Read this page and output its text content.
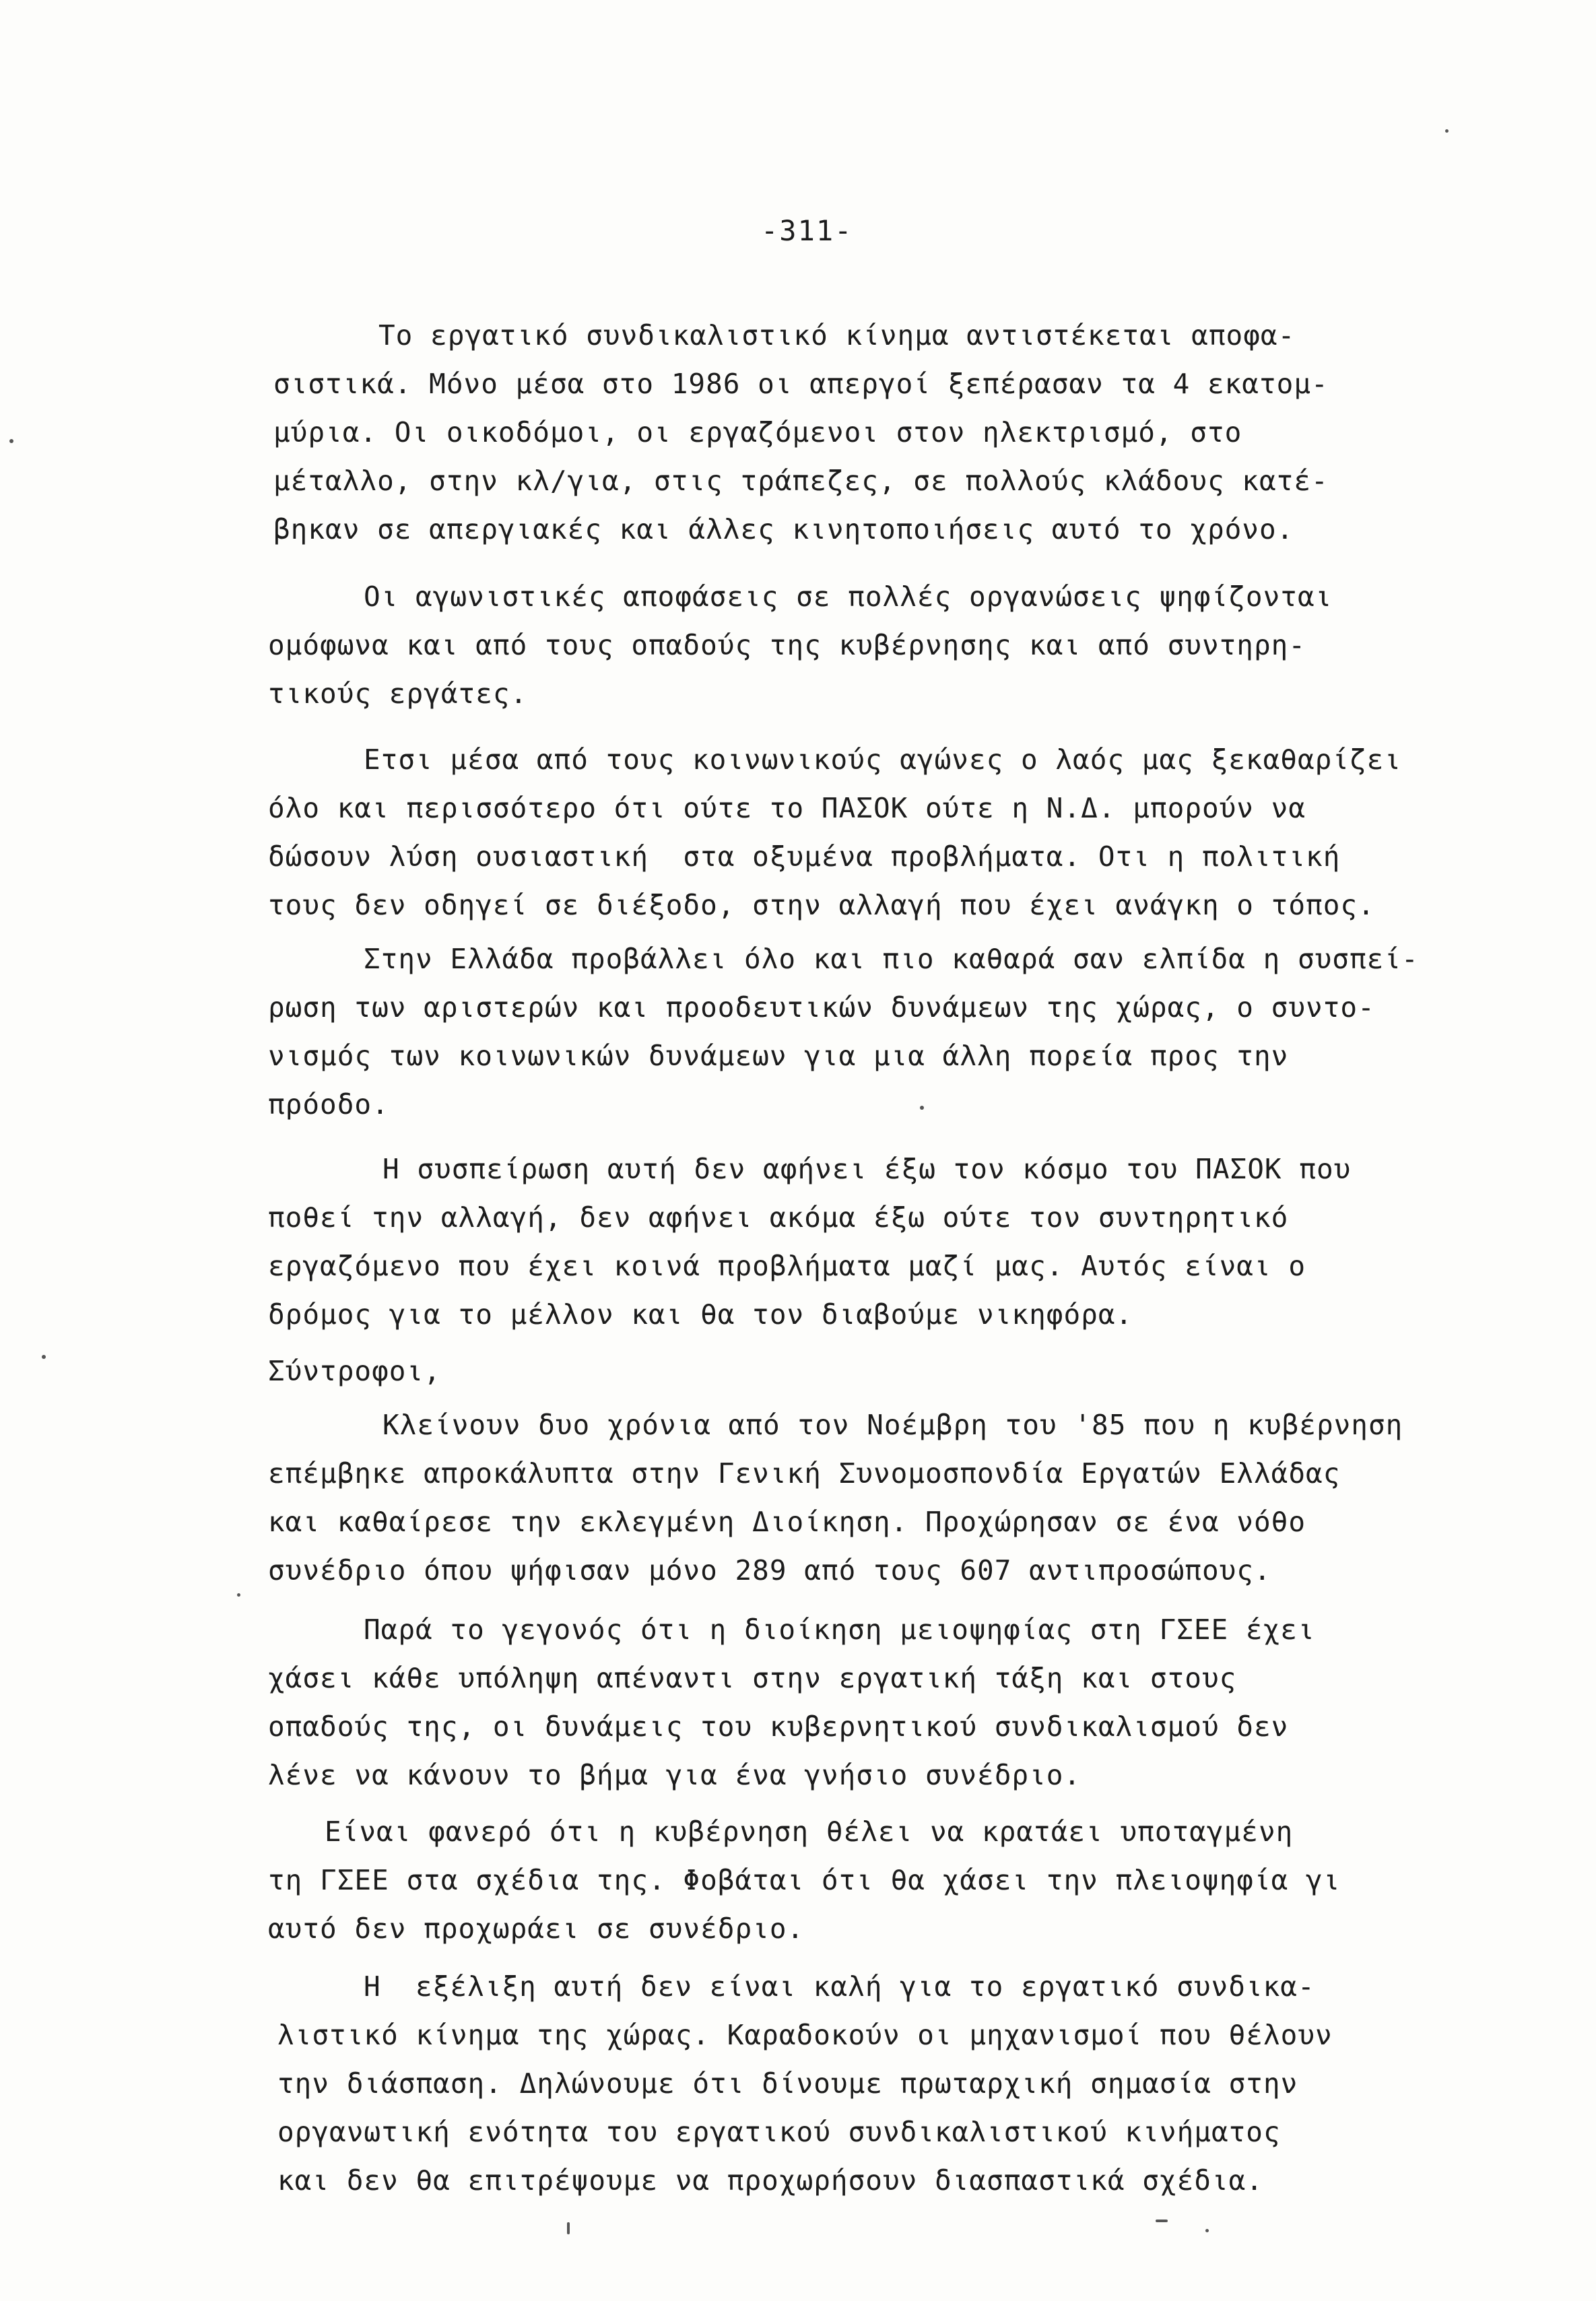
-311-
Το εργατικό συνδικαλιστικό κίνημα αντιστέκεται αποφα-
σιστικά. Μόνο μέσα στο 1986 οι απεργοί ξεπέρασαν τα 4 εκατομ-
μύρια. Οι οικοδόμοι, οι εργαζόμενοι στον ηλεκτρισμό, στο
μέταλλο, στην κλ/για, στις τράπεζες, σε πολλούς κλάδους κατέ-
βηκαν σε απεργιακές και άλλες κινητοποιήσεις αυτό το χρόνο.
Οι αγωνιστικές αποφάσεις σε πολλές οργανώσεις ψηφίζονται
ομόφωνα και από τους οπαδούς της κυβέρνησης και από συντηρη-
τικούς εργάτες.
Ετσι μέσα από τους κοινωνικούς αγώνες ο λαός μας ξεκαθαρίζει
όλο και περισσότερο ότι ούτε το ΠΑΣΟΚ ούτε η Ν.Δ. μπορούν να
δώσουν λύση ουσιαστική  στα οξυμένα προβλήματα. Οτι η πολιτική
τους δεν οδηγεί σε διέξοδο, στην αλλαγή που έχει ανάγκη ο τόπος.
Στην Ελλάδα προβάλλει όλο και πιο καθαρά σαν ελπίδα η συσπεί-
ρωση των αριστερών και προοδευτικών δυνάμεων της χώρας, ο συντο-
νισμός των κοινωνικών δυνάμεων για μια άλλη πορεία προς την
πρόοδο.
Η συσπείρωση αυτή δεν αφήνει έξω τον κόσμο του ΠΑΣΟΚ που
ποθεί την αλλαγή, δεν αφήνει ακόμα έξω ούτε τον συντηρητικό
εργαζόμενο που έχει κοινά προβλήματα μαζί μας. Αυτός είναι ο
δρόμος για το μέλλον και θα τον διαβούμε νικηφόρα.
Σύντροφοι,
Κλείνουν δυο χρόνια από τον Νοέμβρη του '85 που η κυβέρνηση
επέμβηκε απροκάλυπτα στην Γενική Συνομοσπονδία Εργατών Ελλάδας
και καθαίρεσε την εκλεγμένη Διοίκηση. Προχώρησαν σε ένα νόθο
συνέδριο όπου ψήφισαν μόνο 289 από τους 607 αντιπροσώπους.
Παρά το γεγονός ότι η διοίκηση μειοψηφίας στη ΓΣΕΕ έχει
χάσει κάθε υπόληψη απέναντι στην εργατική τάξη και στους
οπαδούς της, οι δυνάμεις του κυβερνητικού συνδικαλισμού δεν
λένε να κάνουν το βήμα για ένα γνήσιο συνέδριο.
Είναι φανερό ότι η κυβέρνηση θέλει να κρατάει υποταγμένη
τη ΓΣΕΕ στα σχέδια της. Φοβάται ότι θα χάσει την πλειοψηφία γι
αυτό δεν προχωράει σε συνέδριο.
Η  εξέλιξη αυτή δεν είναι καλή για το εργατικό συνδικα-
λιστικό κίνημα της χώρας. Καραδοκούν οι μηχανισμοί που θέλουν
την διάσπαση. Δηλώνουμε ότι δίνουμε πρωταρχική σημασία στην
οργανωτική ενότητα του εργατικού συνδικαλιστικού κινήματος
και δεν θα επιτρέψουμε να προχωρήσουν διασπαστικά σχέδια.
